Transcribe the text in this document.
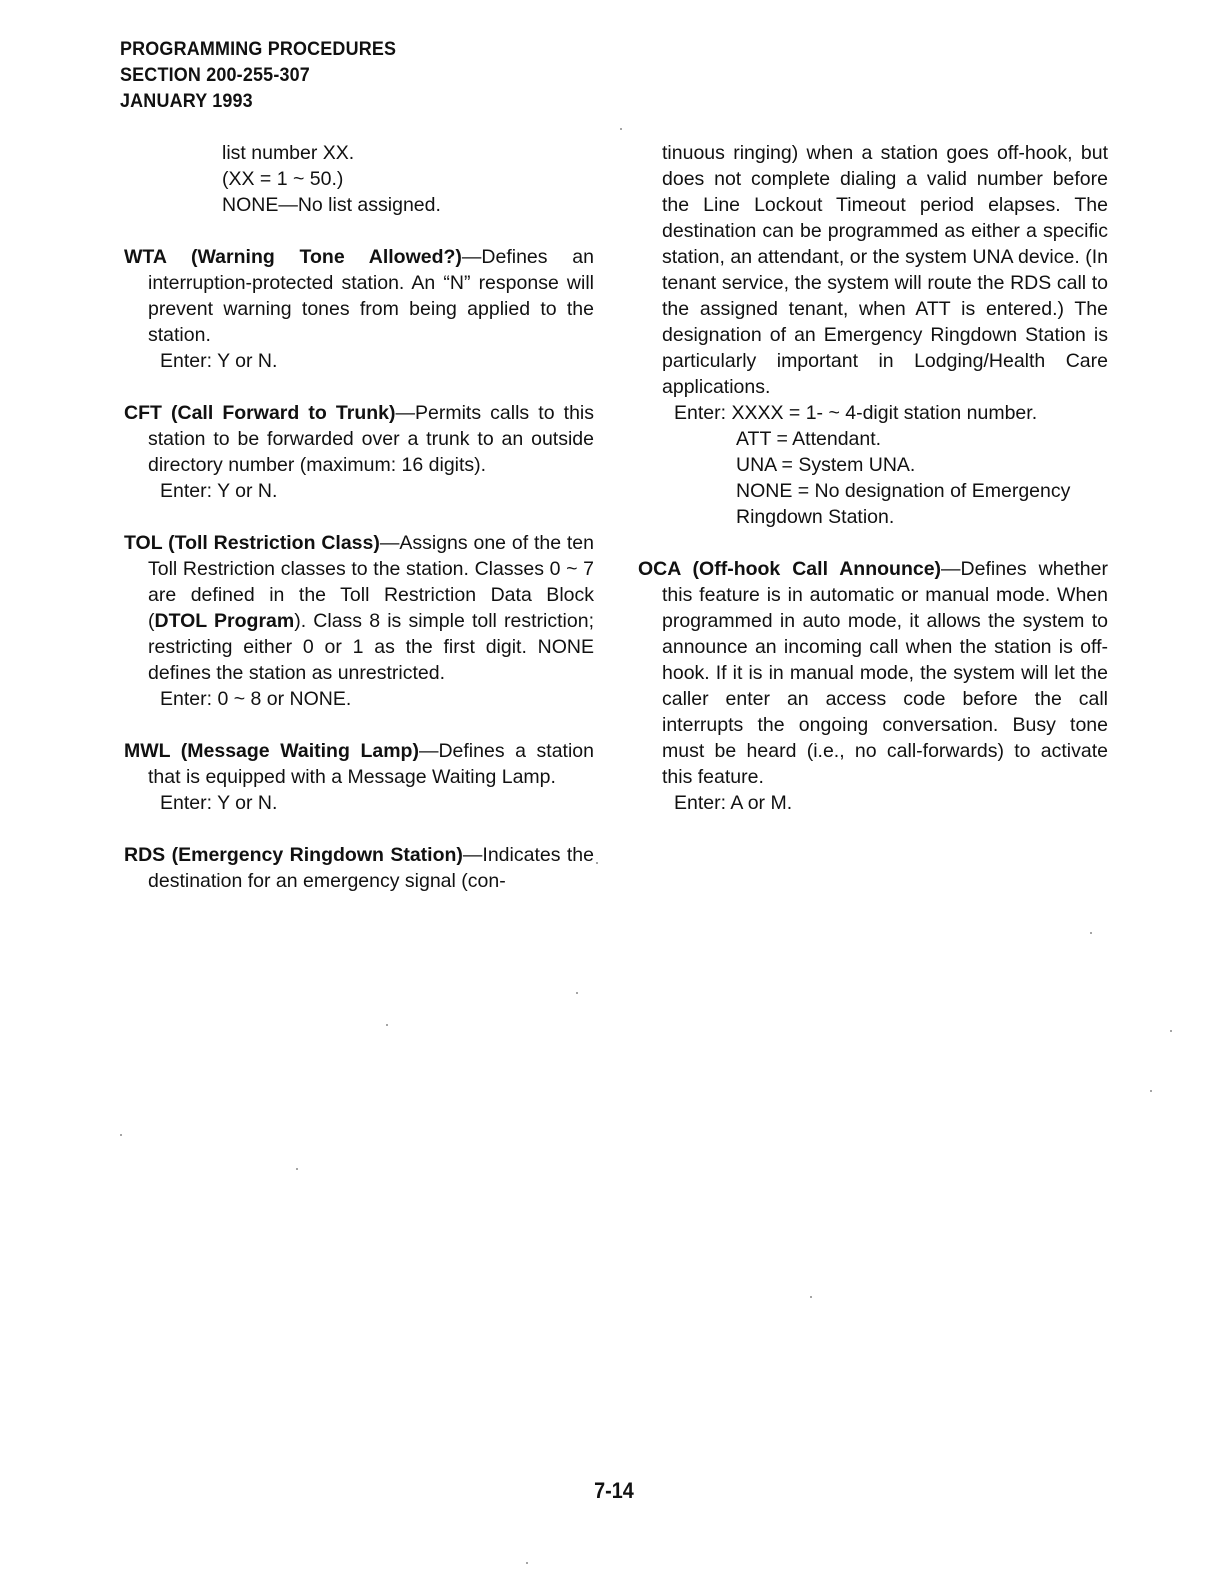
PROGRAMMING PROCEDURES
SECTION 200-255-307
JANUARY 1993

list number XX.

(XX = 1 ~ 50.)

NONE—No list assigned.

WTA (Warning Tone Allowed?)—Defines an interruption-protected station. An “N” response will prevent warning tones from being applied to the station.

Enter: Y or N.

CFT (Call Forward to Trunk)—Permits calls to this station to be forwarded over a trunk to an outside directory number (maximum: 16 digits).

Enter: Y or N.

TOL (Toll Restriction Class)—Assigns one of the ten Toll Restriction classes to the station. Classes 0 ~ 7 are defined in the Toll Restriction Data Block (DTOL Program). Class 8 is simple toll restriction; restricting either 0 or 1 as the first digit. NONE defines the station as unrestricted.

Enter: 0 ~ 8 or NONE.

MWL (Message Waiting Lamp)—Defines a station that is equipped with a Message Waiting Lamp.

Enter: Y or N.

RDS (Emergency Ringdown Station)—Indicates the destination for an emergency signal (con-

tinuous ringing) when a station goes off-hook, but does not complete dialing a valid number before the Line Lockout Timeout period elapses. The destination can be programmed as either a specific station, an attendant, or the system UNA device. (In tenant service, the system will route the RDS call to the assigned tenant, when ATT is entered.) The designation of an Emergency Ringdown Station is particularly important in Lodging/Health Care applications.

Enter: XXXX = 1- ~ 4-digit station number.

ATT = Attendant.

UNA = System UNA.

NONE = No designation of Emergency Ringdown Station.

OCA (Off-hook Call Announce)—Defines whether this feature is in automatic or manual mode. When programmed in auto mode, it allows the system to announce an incoming call when the station is off-hook. If it is in manual mode, the system will let the caller enter an access code before the call interrupts the ongoing conversation. Busy tone must be heard (i.e., no call-forwards) to activate this feature.

Enter: A or M.

7-14
